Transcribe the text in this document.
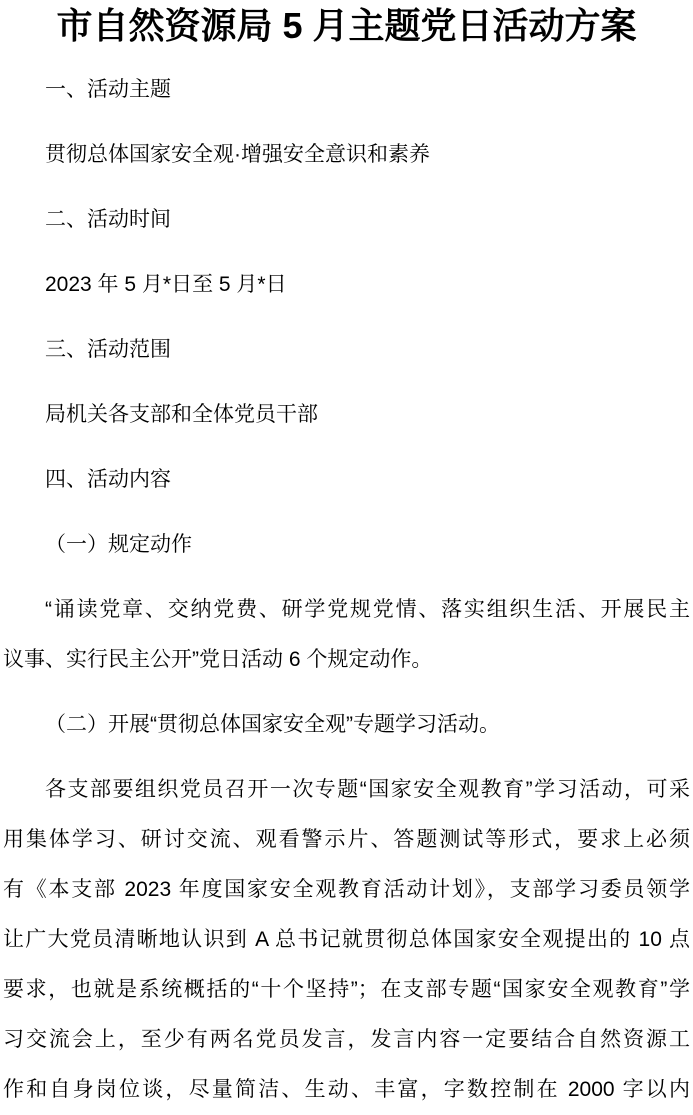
市自然资源局 5 月主题党日活动方案
一、活动主题
贯彻总体国家安全观·增强安全意识和素养
二、活动时间
2023 年 5 月*日至 5 月*日
三、活动范围
局机关各支部和全体党员干部
四、活动内容
（一）规定动作
“诵读党章、交纳党费、研学党规党情、落实组织生活、开展民主
议事、实行民主公开”党日活动 6 个规定动作。
（二）开展“贯彻总体国家安全观”专题学习活动。
各支部要组织党员召开一次专题“国家安全观教育”学习活动，可采
用集体学习、研讨交流、观看警示片、答题测试等形式，要求上必须
有《本支部 2023 年度国家安全观教育活动计划》，支部学习委员领学
让广大党员清晰地认识到 A 总书记就贯彻总体国家安全观提出的 10 点
要求，也就是系统概括的“十个坚持”；在支部专题“国家安全观教育”学
习交流会上，至少有两名党员发言，发言内容一定要结合自然资源工
作和自身岗位谈，尽量简洁、生动、丰富，字数控制在 2000 字以内
